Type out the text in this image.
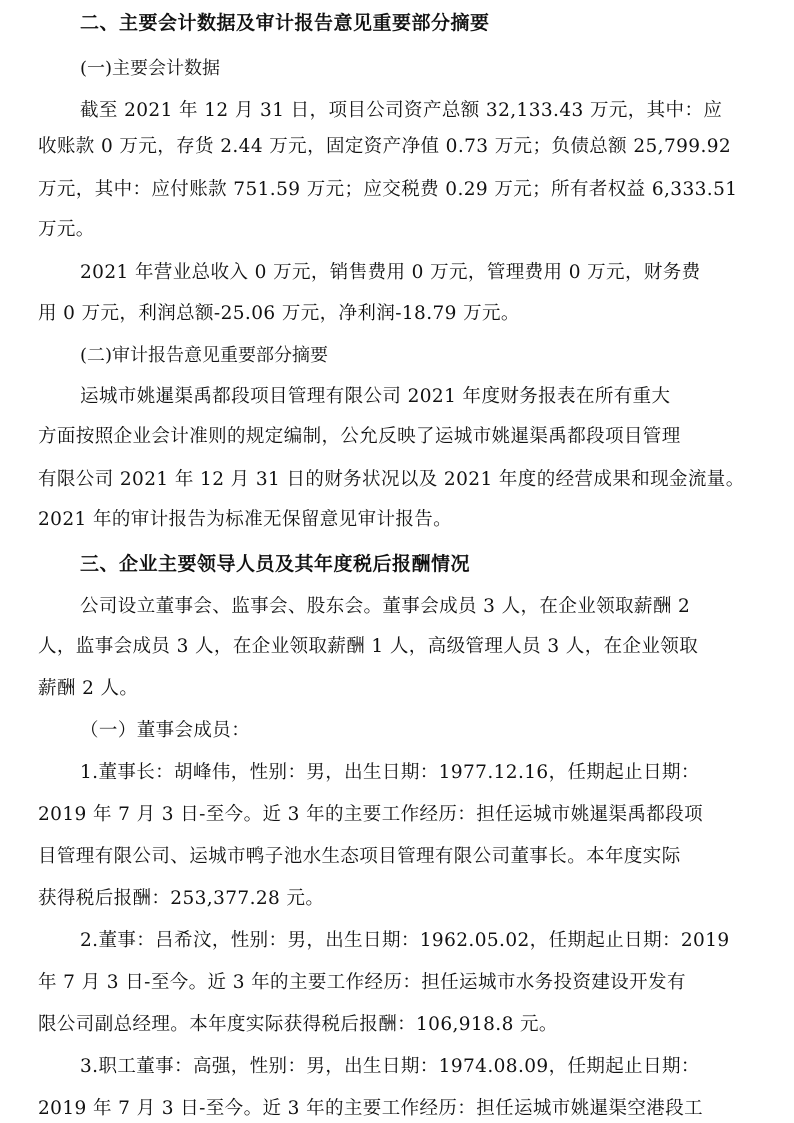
二、主要会计数据及审计报告意见重要部分摘要
(一)主要会计数据
截至 2021 年 12 月 31 日，项目公司资产总额 32,133.43 万元，其中：应
收账款 0 万元，存货 2.44 万元，固定资产净值 0.73 万元；负债总额 25,799.92
万元，其中：应付账款 751.59 万元；应交税费 0.29 万元；所有者权益 6,333.51
万元。
2021 年营业总收入 0 万元，销售费用 0 万元，管理费用 0 万元，财务费
用 0 万元，利润总额-25.06 万元，净利润-18.79 万元。
(二)审计报告意见重要部分摘要
运城市姚暹渠禹都段项目管理有限公司 2021 年度财务报表在所有重大
方面按照企业会计准则的规定编制，公允反映了运城市姚暹渠禹都段项目管理
有限公司 2021 年 12 月 31 日的财务状况以及 2021 年度的经营成果和现金流量。
2021 年的审计报告为标准无保留意见审计报告。
三、企业主要领导人员及其年度税后报酬情况
公司设立董事会、监事会、股东会。董事会成员 3 人，在企业领取薪酬 2
人，监事会成员 3 人，在企业领取薪酬 1 人，高级管理人员 3 人，在企业领取
薪酬 2 人。
（一）董事会成员：
1.董事长：胡峰伟，性别：男，出生日期：1977.12.16，任期起止日期：
2019 年 7 月 3 日-至今。近 3 年的主要工作经历：担任运城市姚暹渠禹都段项
目管理有限公司、运城市鸭子池水生态项目管理有限公司董事长。本年度实际
获得税后报酬：253,377.28 元。
2.董事：吕希汶，性别：男，出生日期：1962.05.02，任期起止日期：2019
年 7 月 3 日-至今。近 3 年的主要工作经历：担任运城市水务投资建设开发有
限公司副总经理。本年度实际获得税后报酬：106,918.8 元。
3.职工董事：高强，性别：男，出生日期：1974.08.09，任期起止日期：
2019 年 7 月 3 日-至今。近 3 年的主要工作经历：担任运城市姚暹渠空港段工
